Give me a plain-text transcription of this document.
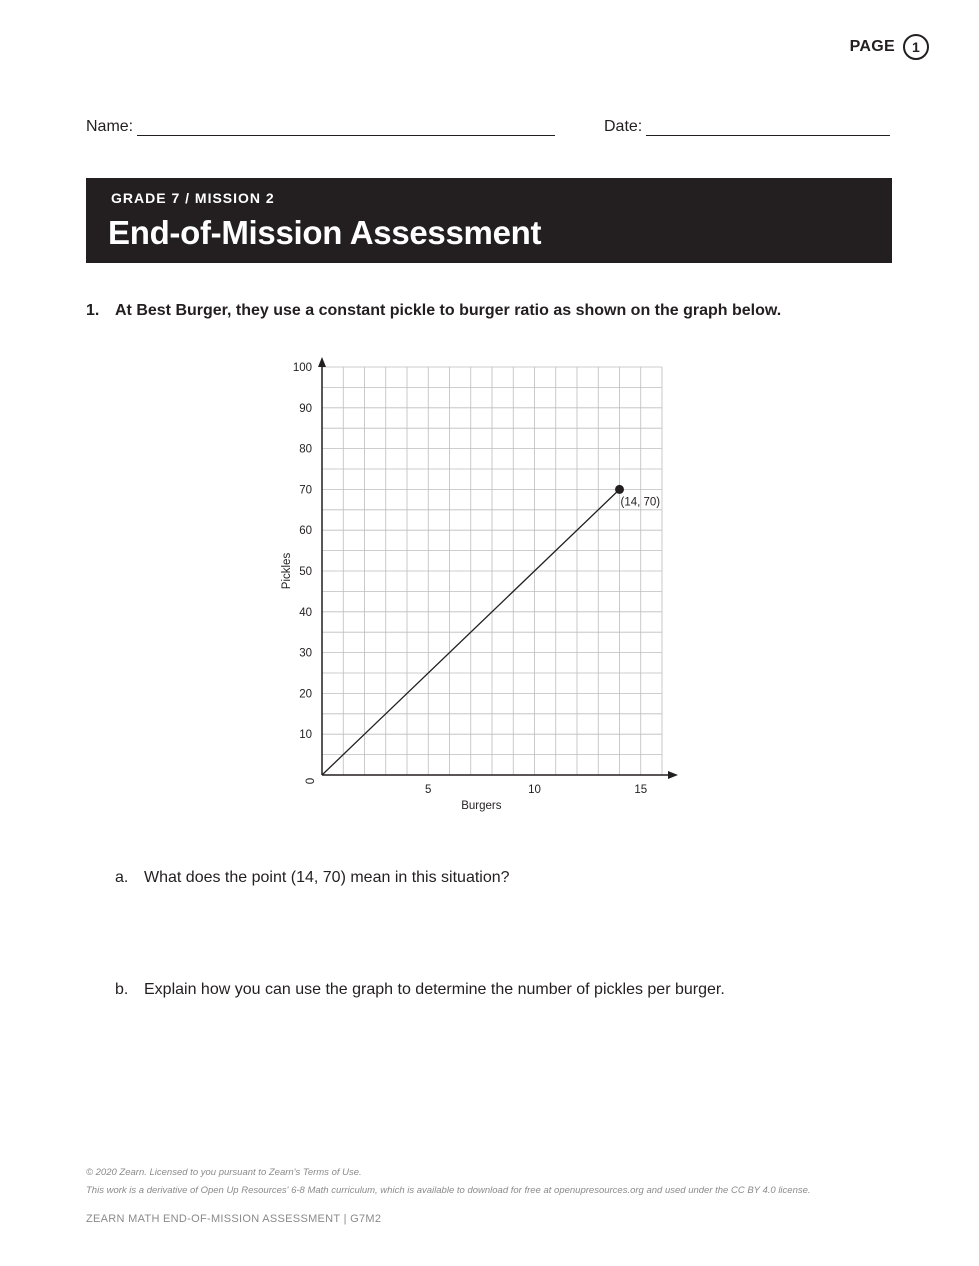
PAGE	1
Name:	Date:
GRADE 7 / MISSION 2
End-of-Mission Assessment
1. At Best Burger, they use a constant pickle to burger ratio as shown on the graph below.
10
20
30
40
50
60
70
80
90
100
5	10	15
0
Burgers
Pickles
(14, 70)
a. What does the point (14, 70) mean in this situation?
b. Explain how you can use the graph to determine the number of pickles per burger.
© 2020 Zearn. Licensed to you pursuant to Zearn's Terms of Use.
This work is a derivative of Open Up Resources' 6-8 Math curriculum, which is available to download for free at openupresources.org and used under the CC BY 4.0 license.
ZEARN MATH END-OF-MISSION ASSESSMENT | G7M2
